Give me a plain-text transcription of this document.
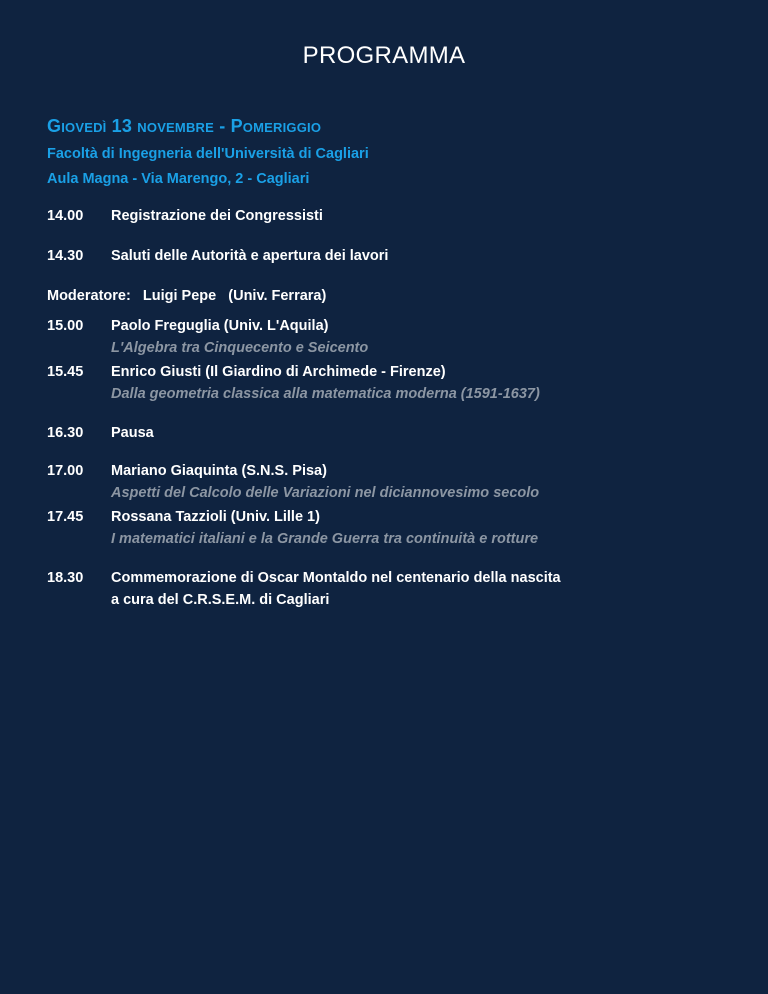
PROGRAMMA
Giovedì 13 novembre - Pomeriggio
Facoltà di Ingegneria dell'Università di Cagliari
Aula Magna - Via Marengo, 2 - Cagliari
14.00 Registrazione dei Congressisti
14.30 Saluti delle Autorità e apertura dei lavori
Moderatore:   Luigi Pepe   (Univ. Ferrara)
15.00 Paolo Freguglia (Univ. L'Aquila)
L'Algebra tra Cinquecento e Seicento
15.45 Enrico Giusti (Il Giardino di Archimede - Firenze)
Dalla geometria classica alla matematica moderna (1591-1637)
16.30 Pausa
17.00 Mariano Giaquinta (S.N.S. Pisa)
Aspetti del Calcolo delle Variazioni nel diciannovesimo secolo
17.45 Rossana Tazzioli (Univ. Lille 1)
I matematici italiani e la Grande Guerra tra continuità e rotture
18.30 Commemorazione di Oscar Montaldo nel centenario della nascita
a cura del C.R.S.E.M. di Cagliari
